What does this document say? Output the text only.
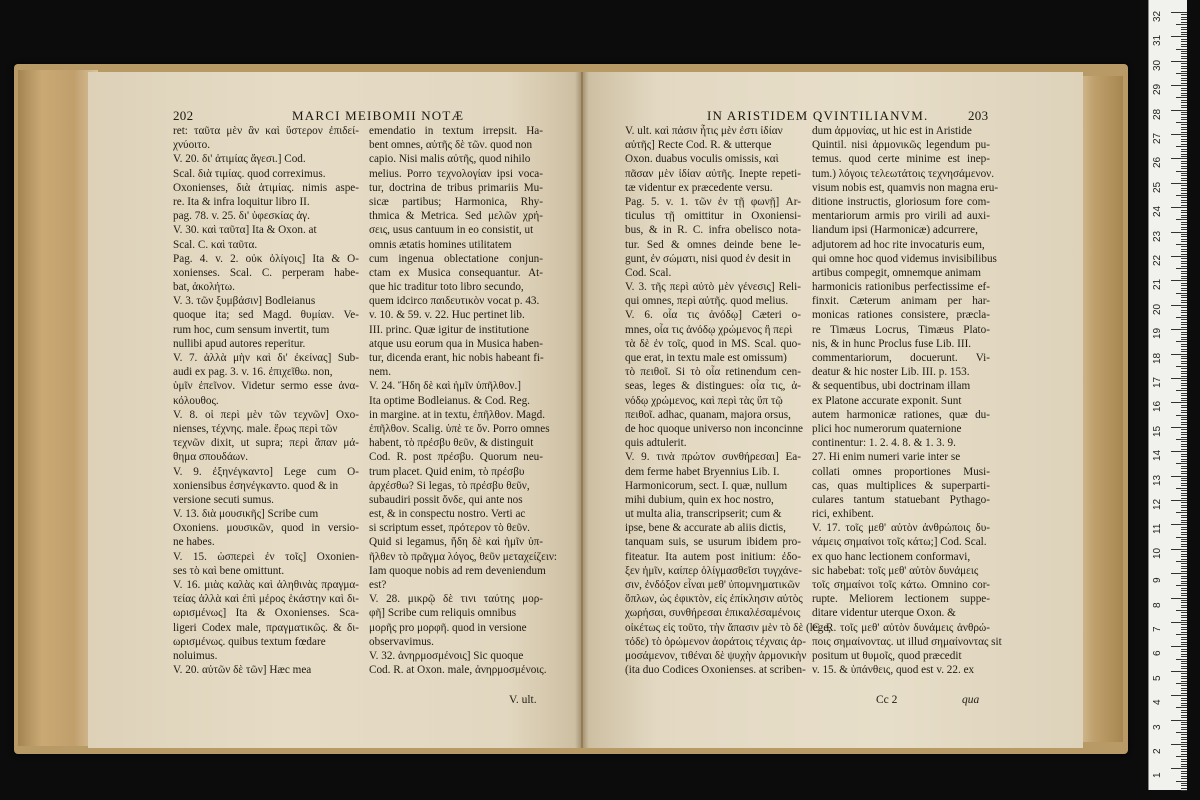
202	MARCI MEIBOMII NOTÆ	IN ARISTIDEM QVINTILIANVM.	203
ret: ταῦτα μὲν ἂν καὶ ὕστερον ἐπιδεί-
χνύοιτο.
V. 20. δι' ἀτιμίας ἄγεσι.] Cod.
Scal. διὰ τιμίας. quod correximus.
Oxonienses, διὰ ἀτιμίας. nimis aspe-
re. Ita & infra loquitur libro II.
pag. 78. v. 25. δι' ὑφεσκίας ἀγ.
V. 30. καὶ ταῦτα] Ita & Oxon. at
Scal. C. καὶ ταῦτα.
Pag. 4. v. 2. οὐκ ὀλίγοις] Ita & O-
xonienses. Scal. C. perperam habe-
bat, ἀκολήτω.
V. 3. τῶν ξυμβάσιν] Bodleianus
quoque ita; sed Magd. θυμίαν. Ve-
rum hoc, cum sensum invertit, tum
nullibi apud autores reperitur.
V. 7. ἀλλὰ μὴν καὶ δι' ἐκείνας] Sub-
audi ex pag. 3. v. 16. ἐπιχεῖθω. non,
ὑμῖν ἐπεῖνον. Videtur sermo esse ἀνα-
κόλουθος.
V. 8. οἱ περὶ μὲν τῶν τεχνῶν] Oxo-
nienses, τέχνης. male. ἔρως περὶ τῶν
τεχνῶν dixit, ut supra; περὶ ἅπαν μά-
θημα σπουδάων.
V. 9. ἐξηνέγκαντο] Lege cum O-
xoniensibus ἐσηνέγκαντο. quod & in
versione secuti sumus.
V. 13. διὰ μουσικῆς] Scribe cum
Oxoniens. μουσικῶν, quod in versio-
ne habes.
V. 15. ὡσπερεὶ ἐν τοῖς] Oxonien-
ses τὸ καὶ bene omittunt.
V. 16. μιὰς καλὰς καὶ ἀληθινὰς πραγμα-
τείας ἀλλὰ καὶ ἐπὶ μέρος ἑκάστην καὶ δι-
ωρισμένως] Ita & Oxonienses. Sca-
ligeri Codex male, πραγματικῶς. & δι-
ωρισμένως. quibus textum fœdare
noluimus.
V. 20. αὐτῶν δὲ τῶν] Hæc mea
emendatio in textum irrepsit. Ha-
bent omnes, αὐτῆς δὲ τῶν. quod non
capio. Nisi malis αὐτῆς, quod nihilo
melius. Porro τεχνολογίαν ipsi voca-
tur, doctrina de tribus primariis Mu-
sicæ partibus; Harmonica, Rhy-
thmica & Metrica. Sed μελῶν χρή-
σεις, usus cantuum in eo consistit, ut
omnis ætatis homines utilitatem
cum ingenua oblectatione conjun-
ctam ex Musica consequantur. At-
que hic traditur toto libro secundo,
quem idcirco παιδευτικὸν vocat p. 43.
v. 10. & 59. v. 22. Huc pertinet lib.
III. princ. Quæ igitur de institutione
atque usu eorum qua in Musica haben-
tur, dicenda erant, hic nobis habeant fi-
nem.
V. 24. Ἤδη δὲ καὶ ἡμῖν ὑπῆλθον.]
Ita optime Bodleianus. & Cod. Reg.
in margine. at in textu, ἐπῆλθον. Magd.
ἐπῆλθον. Scalig. ὑπὲ τε ὄν. Porro omnes
habent, τὸ πρέσβυ θεῦν, & distinguit
Cod. R. post πρέσβυ. Quorum neu-
trum placet. Quid enim, τὸ πρέσβυ
ἀρχέσθω? Si legas, τὸ πρέσβυ θεῦν,
subaudiri possit ὄνδε, qui ante nos
est, & in conspectu nostro. Verti ac
si scriptum esset, πρότερον τὸ θεῦν.
Quid si legamus, ἤδη δὲ καὶ ἡμῖν ὑπ-
ῆλθεν τὸ πρᾶγμα λόγος, θεῦν μεταχείζειν:
Iam quoque nobis ad rem deveniendum
est?
V. 28. μικρῷ δὲ τινι ταύτης μορ-
φῆ] Scribe cum reliquis omnibus
μορῆς pro μορφῆ. quod in versione
observavimus.
V. 32. ἀνηρμοσμένοις] Sic quoque
Cod. R. at Oxon. male, ἀνηρμοσμένοις.
V. ult. καὶ πάσιν ἦτις μὲν ἐστι ἰδίαν
αὐτῆς] Recte Cod. R. & utterque
Oxon. duabus voculis omissis, καὶ
πᾶσαν μὲν ἰδίαν αὐτῆς. Inepte repeti-
tæ videntur ex præcedente versu.
Pag. 5. v. 1. τῶν ἐν τῇ φωνῇ] Ar-
ticulus τῇ omittitur in Oxoniensi-
bus, & in R. C. infra obelisco nota-
tur. Sed & omnes deinde bene le-
gunt, ἐν σώματι, nisi quod ἐν desit in
Cod. Scal.
V. 3. τῆς περὶ αὐτὸ μὲν γένεσις] Reli-
qui omnes, περὶ αὐτῆς. quod melius.
V. 6. οἷα τις ἀνόδῳ] Cæteri o-
mnes, οἷα τις ἀνόδῳ χρώμενος ἢ περὶ
τὰ δὲ ἐν τοῖς, quod in MS. Scal. quo-
que erat, in textu male est omissum)
τὸ πειθοῖ. Si τὸ οἷα retinendum cen-
seas, leges & distingues: οἷα τις, ἀ-
νόδῳ χρώμενος, καὶ περὶ τὰς ὕπ τῷ
πειθοῖ. adhac, quanam, majora orsus,
de hoc quoque universo non inconcinne
quis adtulerit.
V. 9. τινὰ πρώτον συνθήρεσαι] Ea-
dem ferme habet Bryennius Lib. I.
Harmonicorum, sect. I. quæ, nullum
mihi dubium, quin ex hoc nostro,
ut multa alia, transcripserit; cum &
ipse, bene & accurate ab aliis dictis,
tanquam suis, se usurum ibidem pro-
fiteatur. Ita autem post initium: ἐδο-
ξεν ἡμῖν, καίπερ ὀλίγμασθεῖσι τυγχάνε-
σιν, ἐνδόξον εἶναι μεθ' ὑπομνηματικῶν
ὅπλων, ὡς ἐφικτὸν, εἰς ἐπίκλησιν αὐτὸς
χωρήσαι, συνθήρεσαι ἐπικαλέσαμένοις
οἰκέτως εἰς τοῦτο, τὴν ἅπασιν μὲν τὸ δὲ (lege,
τόδε) τὸ ὁρώμενον ἀοράτοις τέχναις ἀρ-
μοσάμενον, τιθέναι δὲ ψυχὴν ἁρμονικὴν
(ita duo Codices Oxonienses. at scriben-
dum ἁρμονίας, ut hic est in Aristide
Quintil. nisi ἁρμονικῶς legendum pu-
temus. quod certe minime est inep-
tum.) λόγοις τελεωτάτοις τεχνησάμενον.
visum nobis est, quamvis non magna eru-
ditione instructis, gloriosum fore com-
mentariorum armis pro virili ad auxi-
liandum ipsi (Harmonicæ) adcurrere,
adjutorem ad hoc rite invocaturis eum,
qui omne hoc quod videmus invisibilibus
artibus compegit, omnemque animam
harmonicis rationibus perfectissime ef-
finxit. Cæterum animam per har-
monicas rationes consistere, præcla-
re Timæus Locrus, Timæus Plato-
nis, & in hunc Proclus fuse Lib. III.
commentariorum, docuerunt. Vi-
deatur & hic noster Lib. III. p. 153.
& sequentibus, ubi doctrinam illam
ex Platone accurate exponit. Sunt
autem harmonicæ rationes, quæ du-
plici hoc numerorum quaternione
continentur: 1. 2. 4. 8. & 1. 3. 9.
27. Hi enim numeri varie inter se
collati omnes proportiones Musi-
cas, quas multiplices & superparti-
culares tantum statuebant Pythago-
rici, exhibent.
V. 17. τοῖς μεθ' αὐτὸν ἀνθρώποις δυ-
νάμεις σημαίνοι τοῖς κάτω;] Cod. Scal.
ex quo hanc lectionem conformavi,
sic habebat: τοῖς μεθ' αὐτὸν δυνάμεις
τοῖς σημαίνοι τοῖς κάτω. Omnino cor-
rupte. Meliorem lectionem suppe-
ditare videntur uterque Oxon. &
C. R. τοῖς μεθ' αὐτὸν δυνάμεις ἀνθρώ-
ποις σημαίνοντας. ut illud σημαίνοντας sit
positum ut θυμοῖς, quod præcedit
v. 15. & ὑπάνθεις, quod est v. 22. ex
V. ult.	Cc 2	qua
32
31
30
29
28
27
26
25
24
23
22
21
20
19
18
17
16
15
14
13
12
11
10
9
8
7
6
5
4
3
2
1
